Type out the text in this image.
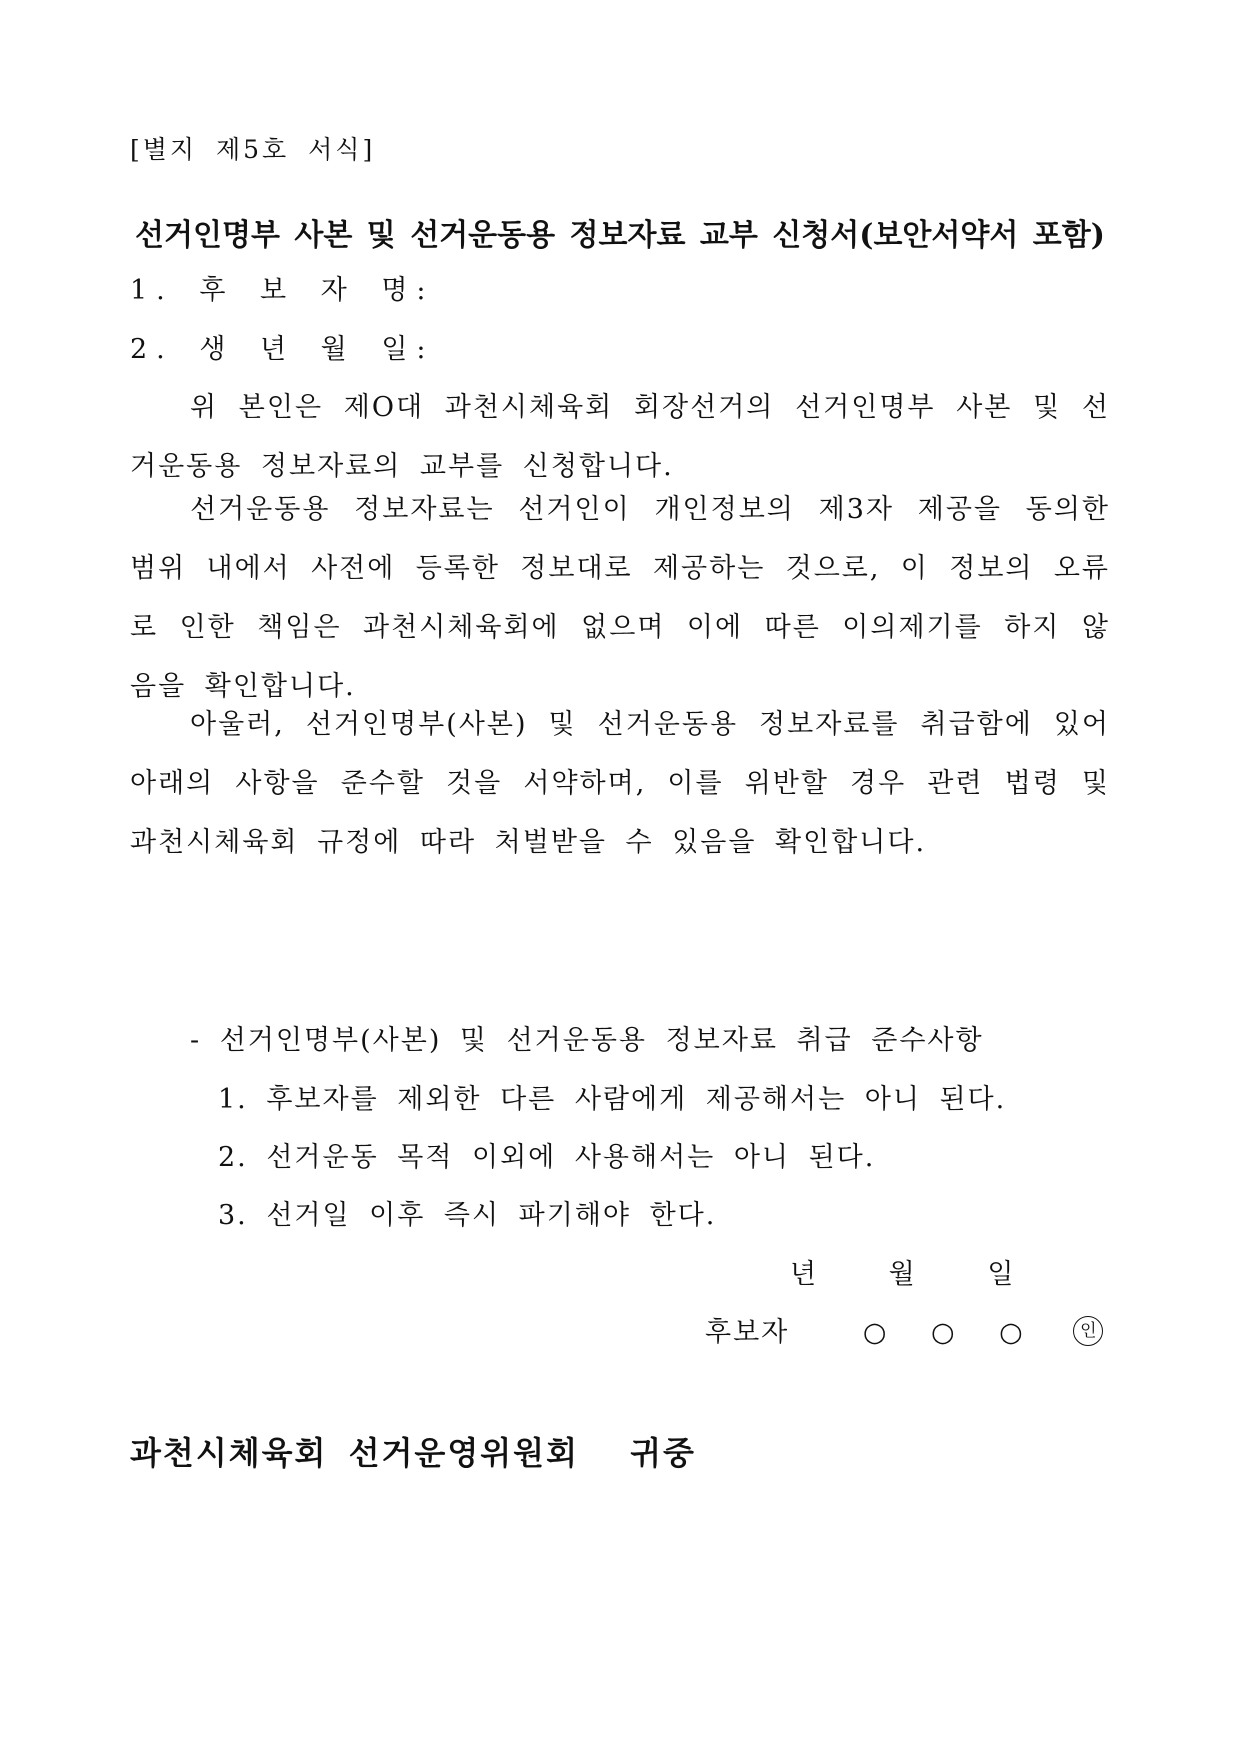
[별지 제5호 서식]
선거인명부 사본 및 선거운동용 정보자료 교부 신청서(보안서약서 포함)
1. 후 보 자 명:
2. 생 년 월 일:
위 본인은 제O대 과천시체육회 회장선거의 선거인명부 사본 및 선거운동용 정보자료의 교부를 신청합니다.
선거운동용 정보자료는 선거인이 개인정보의 제3자 제공을 동의한 범위 내에서 사전에 등록한 정보대로 제공하는 것으로, 이 정보의 오류로 인한 책임은 과천시체육회에 없으며 이에 따른 이의제기를 하지 않음을 확인합니다.
아울러, 선거인명부(사본) 및 선거운동용 정보자료를 취급함에 있어 아래의 사항을 준수할 것을 서약하며, 이를 위반할 경우 관련 법령 및 과천시체육회 규정에 따라 처벌받을 수 있음을 확인합니다.
- 선거인명부(사본) 및 선거운동용 정보자료 취급 준수사항
1. 후보자를 제외한 다른 사람에게 제공해서는 아니 된다.
2. 선거운동 목적 이외에 사용해서는 아니 된다.
3. 선거일 이후 즉시 파기해야 한다.
년 월 일
후보자	○ ○ ○	인
과천시체육회 선거운영위원회 귀중
